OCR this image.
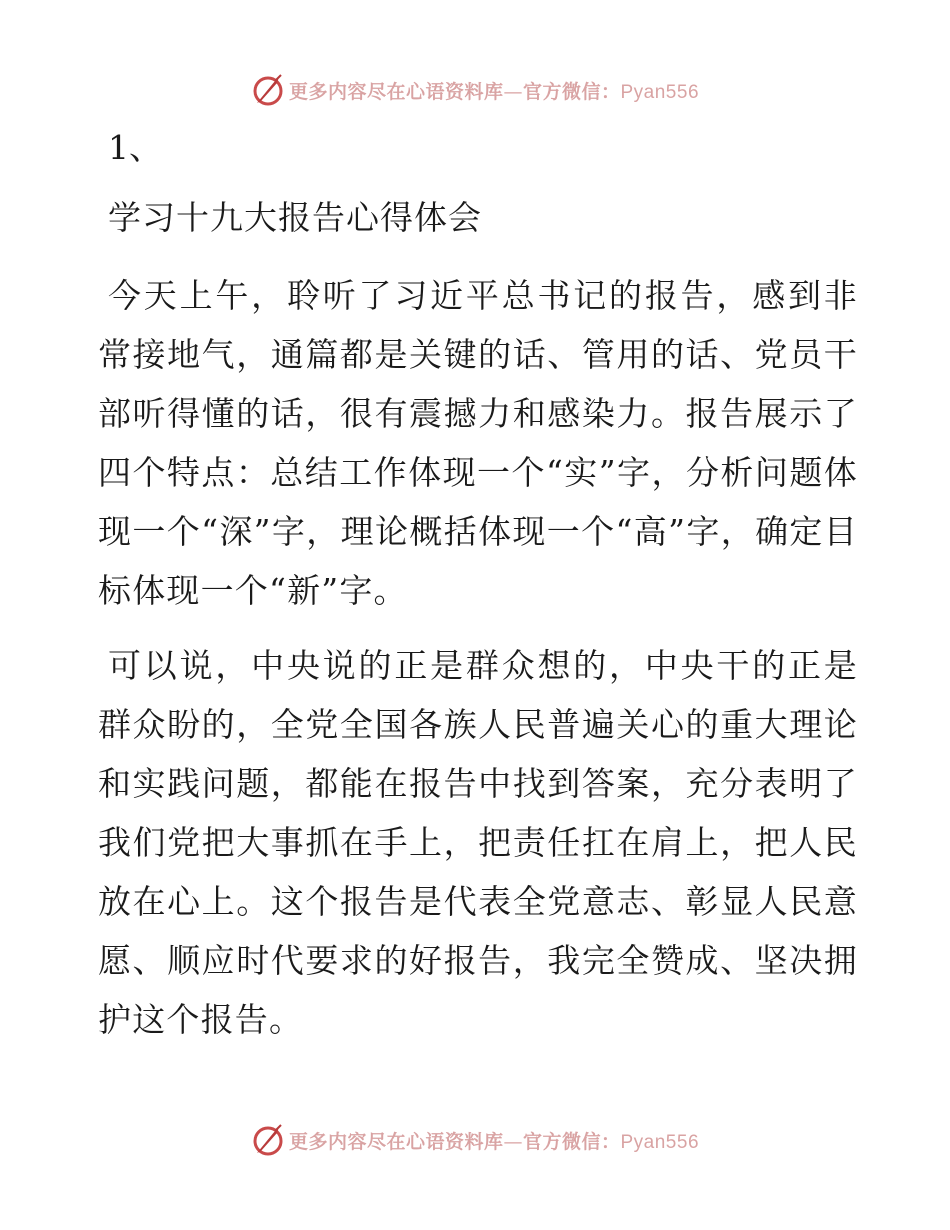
更多内容尽在心语资料库—官方微信：Pyan556
1、
学习十九大报告心得体会

今天上午，聆听了习近平总书记的报告，感到非常接地气，通篇都是关键的话、管用的话、党员干部听得懂的话，很有震撼力和感染力。报告展示了四个特点：总结工作体现一个“实”字，分析问题体现一个“深”字，理论概括体现一个“高”字，确定目标体现一个“新”字。

可以说，中央说的正是群众想的，中央干的正是群众盼的，全党全国各族人民普遍关心的重大理论和实践问题，都能在报告中找到答案，充分表明了我们党把大事抓在手上，把责任扛在肩上，把人民放在心上。这个报告是代表全党意志、彰显人民意愿、顺应时代要求的好报告，我完全赞成、坚决拥护这个报告。

更多内容尽在心语资料库—官方微信：Pyan556
